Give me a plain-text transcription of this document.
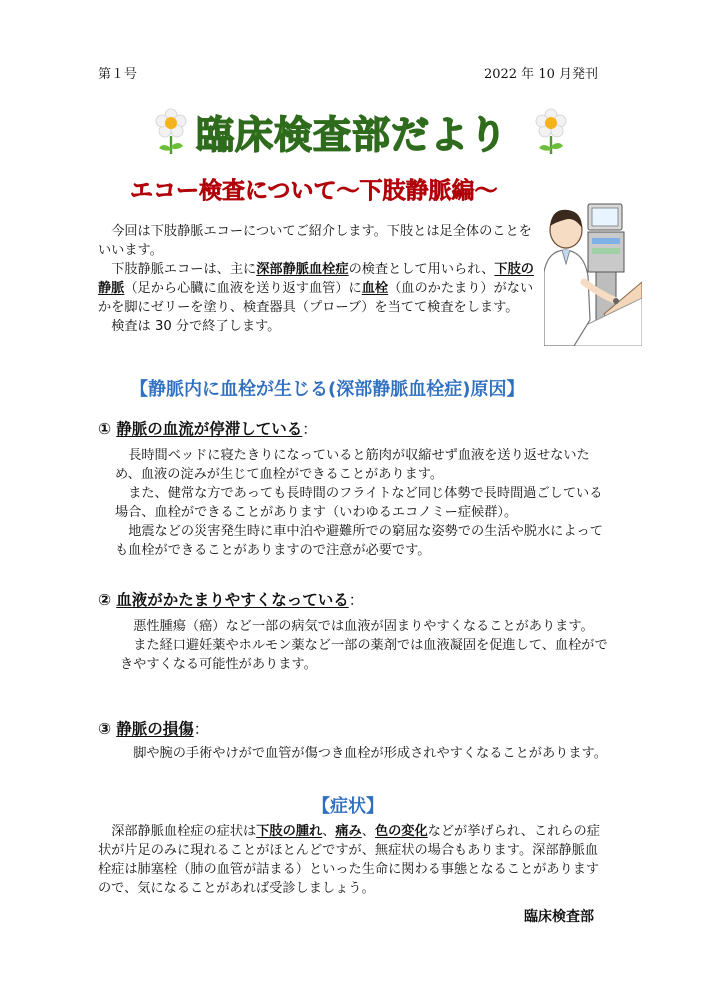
第１号	2022 年 10 月発刊
臨床検査部だより
エコー検査について～下肢静脈編～

今回は下肢静脈エコーについてご紹介します。下肢とは足全体のことをいいます。

下肢静脈エコーは、主に深部静脈血栓症の検査として用いられ、下肢の静脈（足から心臓に血液を送り返す血管）に血栓（血のかたまり）がないかを脚にゼリーを塗り、検査器具（プローブ）を当てて検査をします。

検査は 30 分で終了します。

【静脈内に血栓が生じる(深部静脈血栓症)原因】
① 静脈の血流が停滞している：

長時間ベッドに寝たきりになっていると筋肉が収縮せず血液を送り返せないため、血液の淀みが生じて血栓ができることがあります。

また、健常な方であっても長時間のフライトなど同じ体勢で長時間過ごしている場合、血栓ができることがあります（いわゆるエコノミー症候群）。

地震などの災害発生時に車中泊や避難所での窮屈な姿勢での生活や脱水によっても血栓ができることがありますので注意が必要です。

② 血液がかたまりやすくなっている：

悪性腫瘍（癌）など一部の病気では血液が固まりやすくなることがあります。

また経口避妊薬やホルモン薬など一部の薬剤では血液凝固を促進して、血栓ができやすくなる可能性があります。

③ 静脈の損傷：

脚や腕の手術やけがで血管が傷つき血栓が形成されやすくなることがあります。

【症状】

深部静脈血栓症の症状は下肢の腫れ、痛み、色の変化などが挙げられ、これらの症状が片足のみに現れることがほとんどですが、無症状の場合もあります。深部静脈血栓症は肺塞栓（肺の血管が詰まる）といった生命に関わる事態となることがありますので、気になることがあれば受診しましょう。

臨床検査部
